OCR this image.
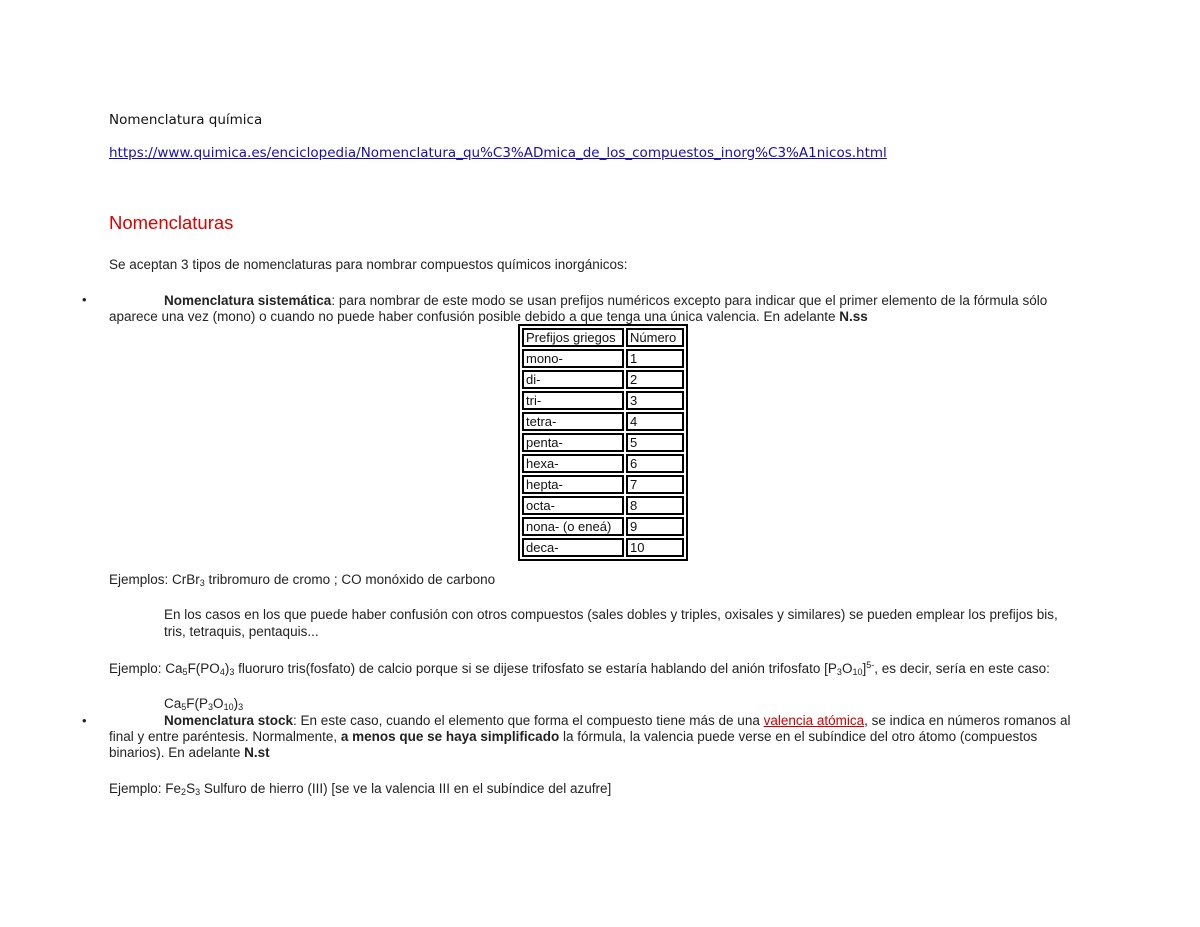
Nomenclatura química
https://www.quimica.es/enciclopedia/Nomenclatura_qu%C3%ADmica_de_los_compuestos_inorg%C3%A1nicos.html
Nomenclaturas
Se aceptan 3 tipos de nomenclaturas para nombrar compuestos químicos inorgánicos:
•
Nomenclatura sistemática: para nombrar de este modo se usan prefijos numéricos excepto para indicar que el primer elemento de la fórmula sólo
aparece una vez (mono) o cuando no puede haber confusión posible debido a que tenga una única valencia. En adelante N.ss
Prefijos griegos	Número
mono-	1
di-	2
tri-	3
tetra-	4
penta-	5
hexa-	6
hepta-	7
octa-	8
nona- (o eneá)	9
deca-	10
Ejemplos: CrBr$_3$ tribromuro de cromo ; CO monóxido de carbono
En los casos en los que puede haber confusión con otros compuestos (sales dobles y triples, oxisales y similares) se pueden emplear los prefijos bis,
tris, tetraquis, pentaquis...
Ejemplo: $Ca_5F(PO_4)_3$ fluoruro tris(fosfato) de calcio porque si se dijese trifosfato se estaría hablando del anión trifosfato $[P_3O_{10}]^{5-}$, es decir, sería en este caso:
$Ca_5F(P_3O_{10})_3$
•
Nomenclatura stock: En este caso, cuando el elemento que forma el compuesto tiene más de una valencia atómica, se indica en números romanos al
final y entre paréntesis. Normalmente, a menos que se haya simplificado la fórmula, la valencia puede verse en el subíndice del otro átomo (compuestos
binarios). En adelante N.st
Ejemplo: $Fe_2S_3$ Sulfuro de hierro (III) [se ve la valencia III en el subíndice del azufre]
